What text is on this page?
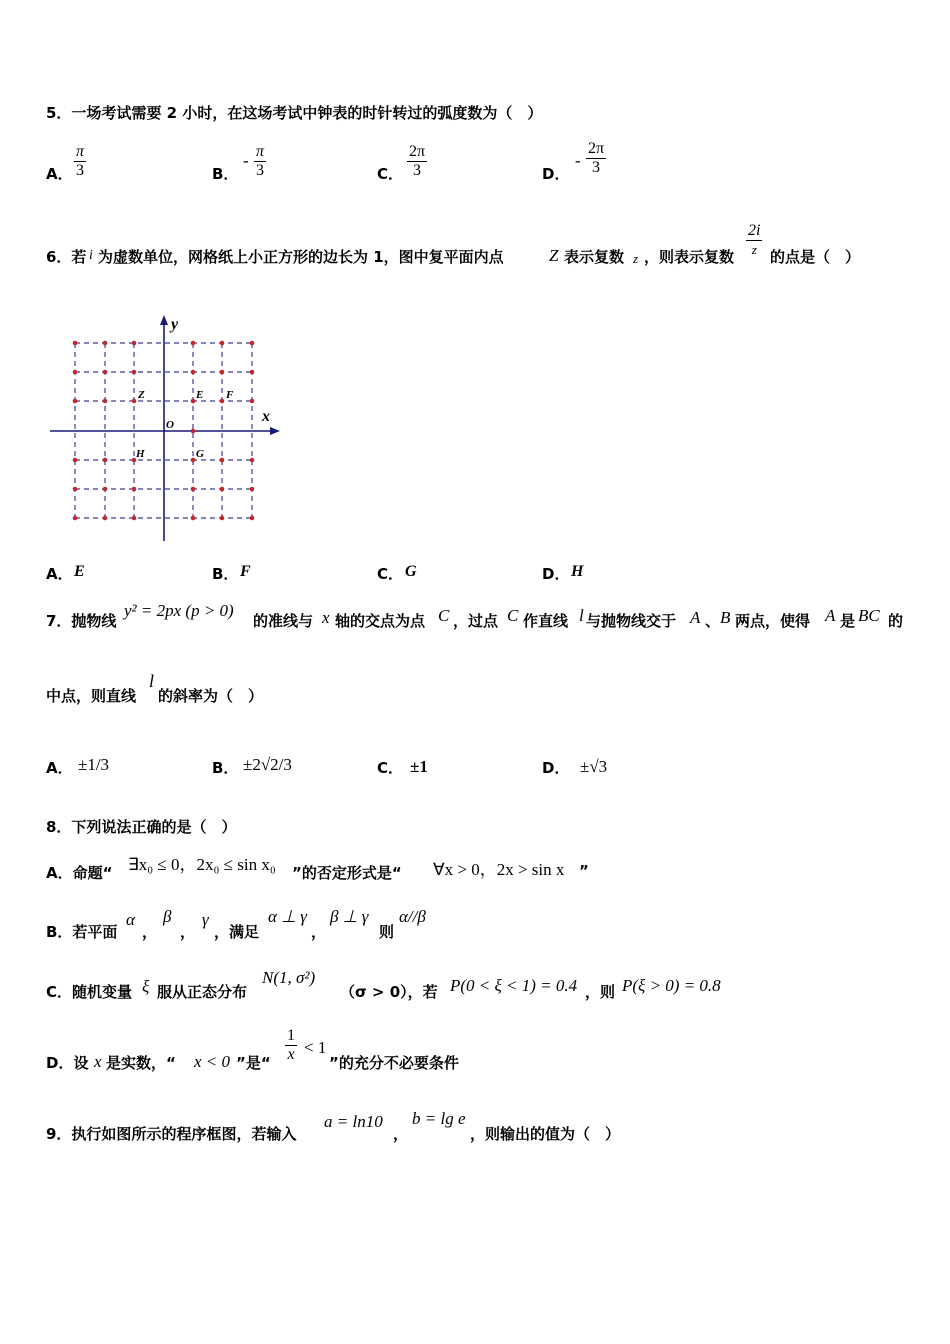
5．一场考试需要 2 小时，在这场考试中钟表的时针转过的弧度数为（　）
A． $\frac{\pi}{3}$	B．
- $\frac{\pi}{3}$	C． $\frac{2\pi}{3}$	D．
- $\frac{2\pi}{3}$
6．若 i 为虚数单位，网格纸上小正方形的边长为 1，图中复平面内点	Z 表示复数 z ，则表示复数
2i
z 的点是（　）
y
x
O
Z	E F
H	G
A． E	B． F	C． G	D． H
7．抛物线
y² = 2px (p > 0)
的准线与 x 轴的交点为点 C ，过点 C 作直线 l 与抛物线交于 A 、 B 两点，使得 A 是 BC 的
中点，则直线
l
的斜率为（　）
A． ±1/3	B． ±2√2/3	C． ±1	D． ±√3
8．下列说法正确的是（　）
A．命题“ ∃x₀ ≤ 0，2x₀ ≤ sin x₀ ”的否定形式是“ ∀x > 0，2x > sin x ”
B．若平面
α
，
β
，
γ
，满足
α ⊥ γ
，
β ⊥ γ
则
α//β
C．随机变量 ξ 服从正态分布
N(1, σ²)
（σ > 0），若 P(0 < ξ < 1) = 0.4 ，则 P(ξ > 0) = 0.8
D．设 x 是实数，“ x < 0 ”是“ $\frac{1}{x} < 1$
”的充分不必要条件
9．执行如图所示的程序框图，若输入
a = ln10
，
b = lg e
，则输出的值为（　）
